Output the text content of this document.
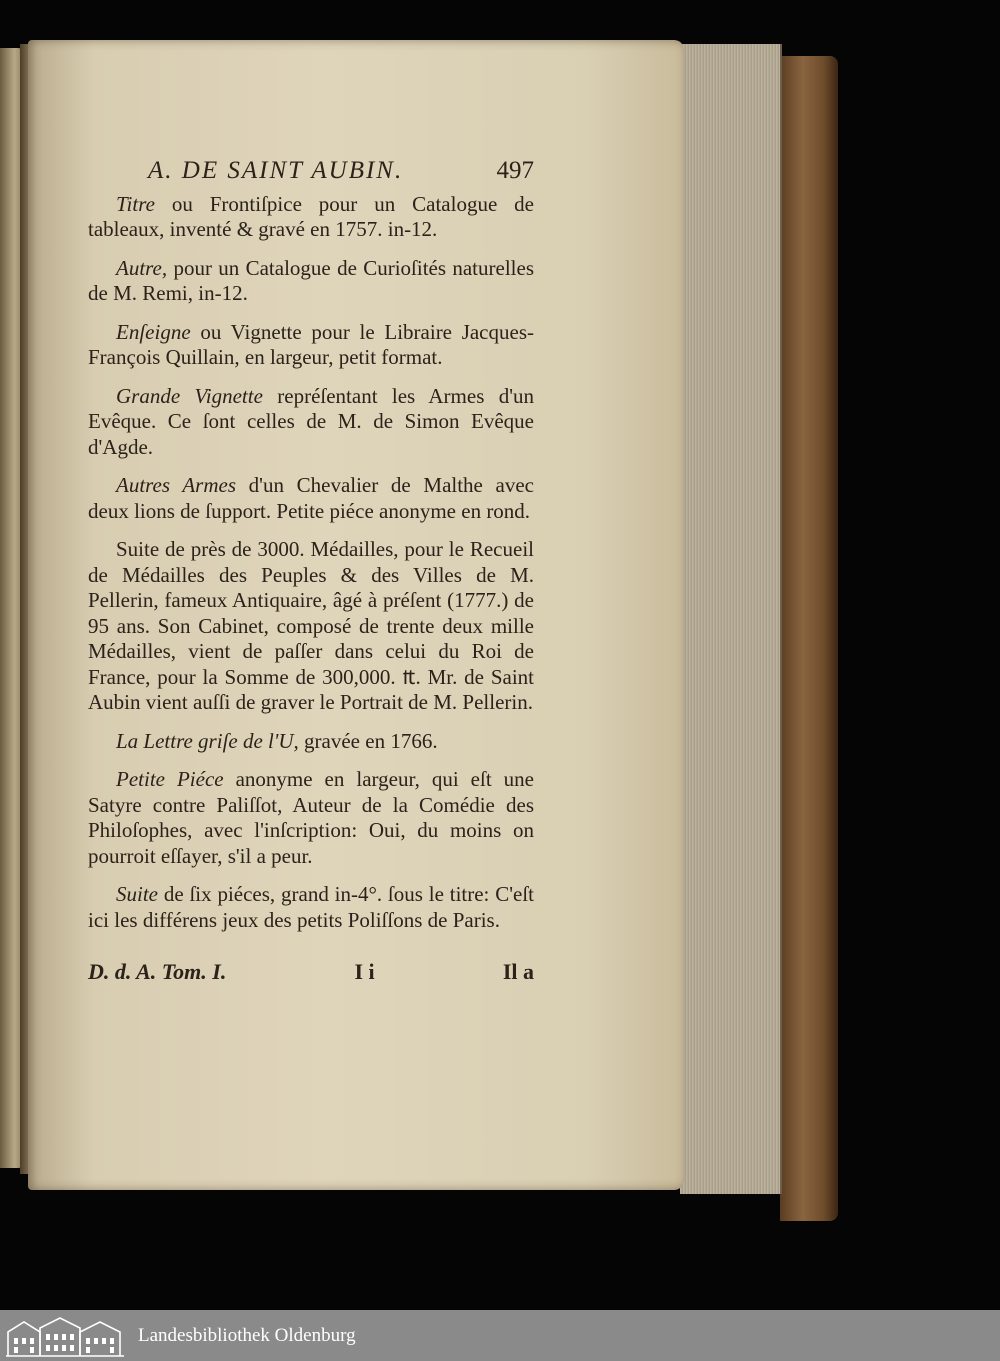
A. DE SAINT AUBIN.	497

Titre ou Frontiſpice pour un Catalogue de tableaux, inventé & gravé en 1757. in-12.

Autre, pour un Catalogue de Curioſités naturelles de M. Remi, in-12.

Enſeigne ou Vignette pour le Libraire Jacques-François Quillain, en largeur, petit format.

Grande Vignette repréſentant les Armes d'un Evêque. Ce ſont celles de M. de Simon Evêque d'Agde.

Autres Armes d'un Chevalier de Malthe avec deux lions de ſupport. Petite piéce anonyme en rond.

Suite de près de 3000. Médailles, pour le Recueil de Médailles des Peuples & des Villes de M. Pellerin, fameux Antiquaire, âgé à préſent (1777.) de 95 ans. Son Cabinet, composé de trente deux mille Médailles, vient de paſſer dans celui du Roi de France, pour la Somme de 300,000. ₶. Mr. de Saint Aubin vient auſſi de graver le Portrait de M. Pellerin.

La Lettre griſe de l'U, gravée en 1766.

Petite Piéce anonyme en largeur, qui eſt une Satyre contre Paliſſot, Auteur de la Comédie des Philoſophes, avec l'inſcription: Oui, du moins on pourroit eſſayer, s'il a peur.

Suite de ſix piéces, grand in-4°. ſous le titre: C'eſt ici les différens jeux des petits Poliſſons de Paris.

D. d. A. Tom. I.	I i	Il a
Landesbibliothek Oldenburg
